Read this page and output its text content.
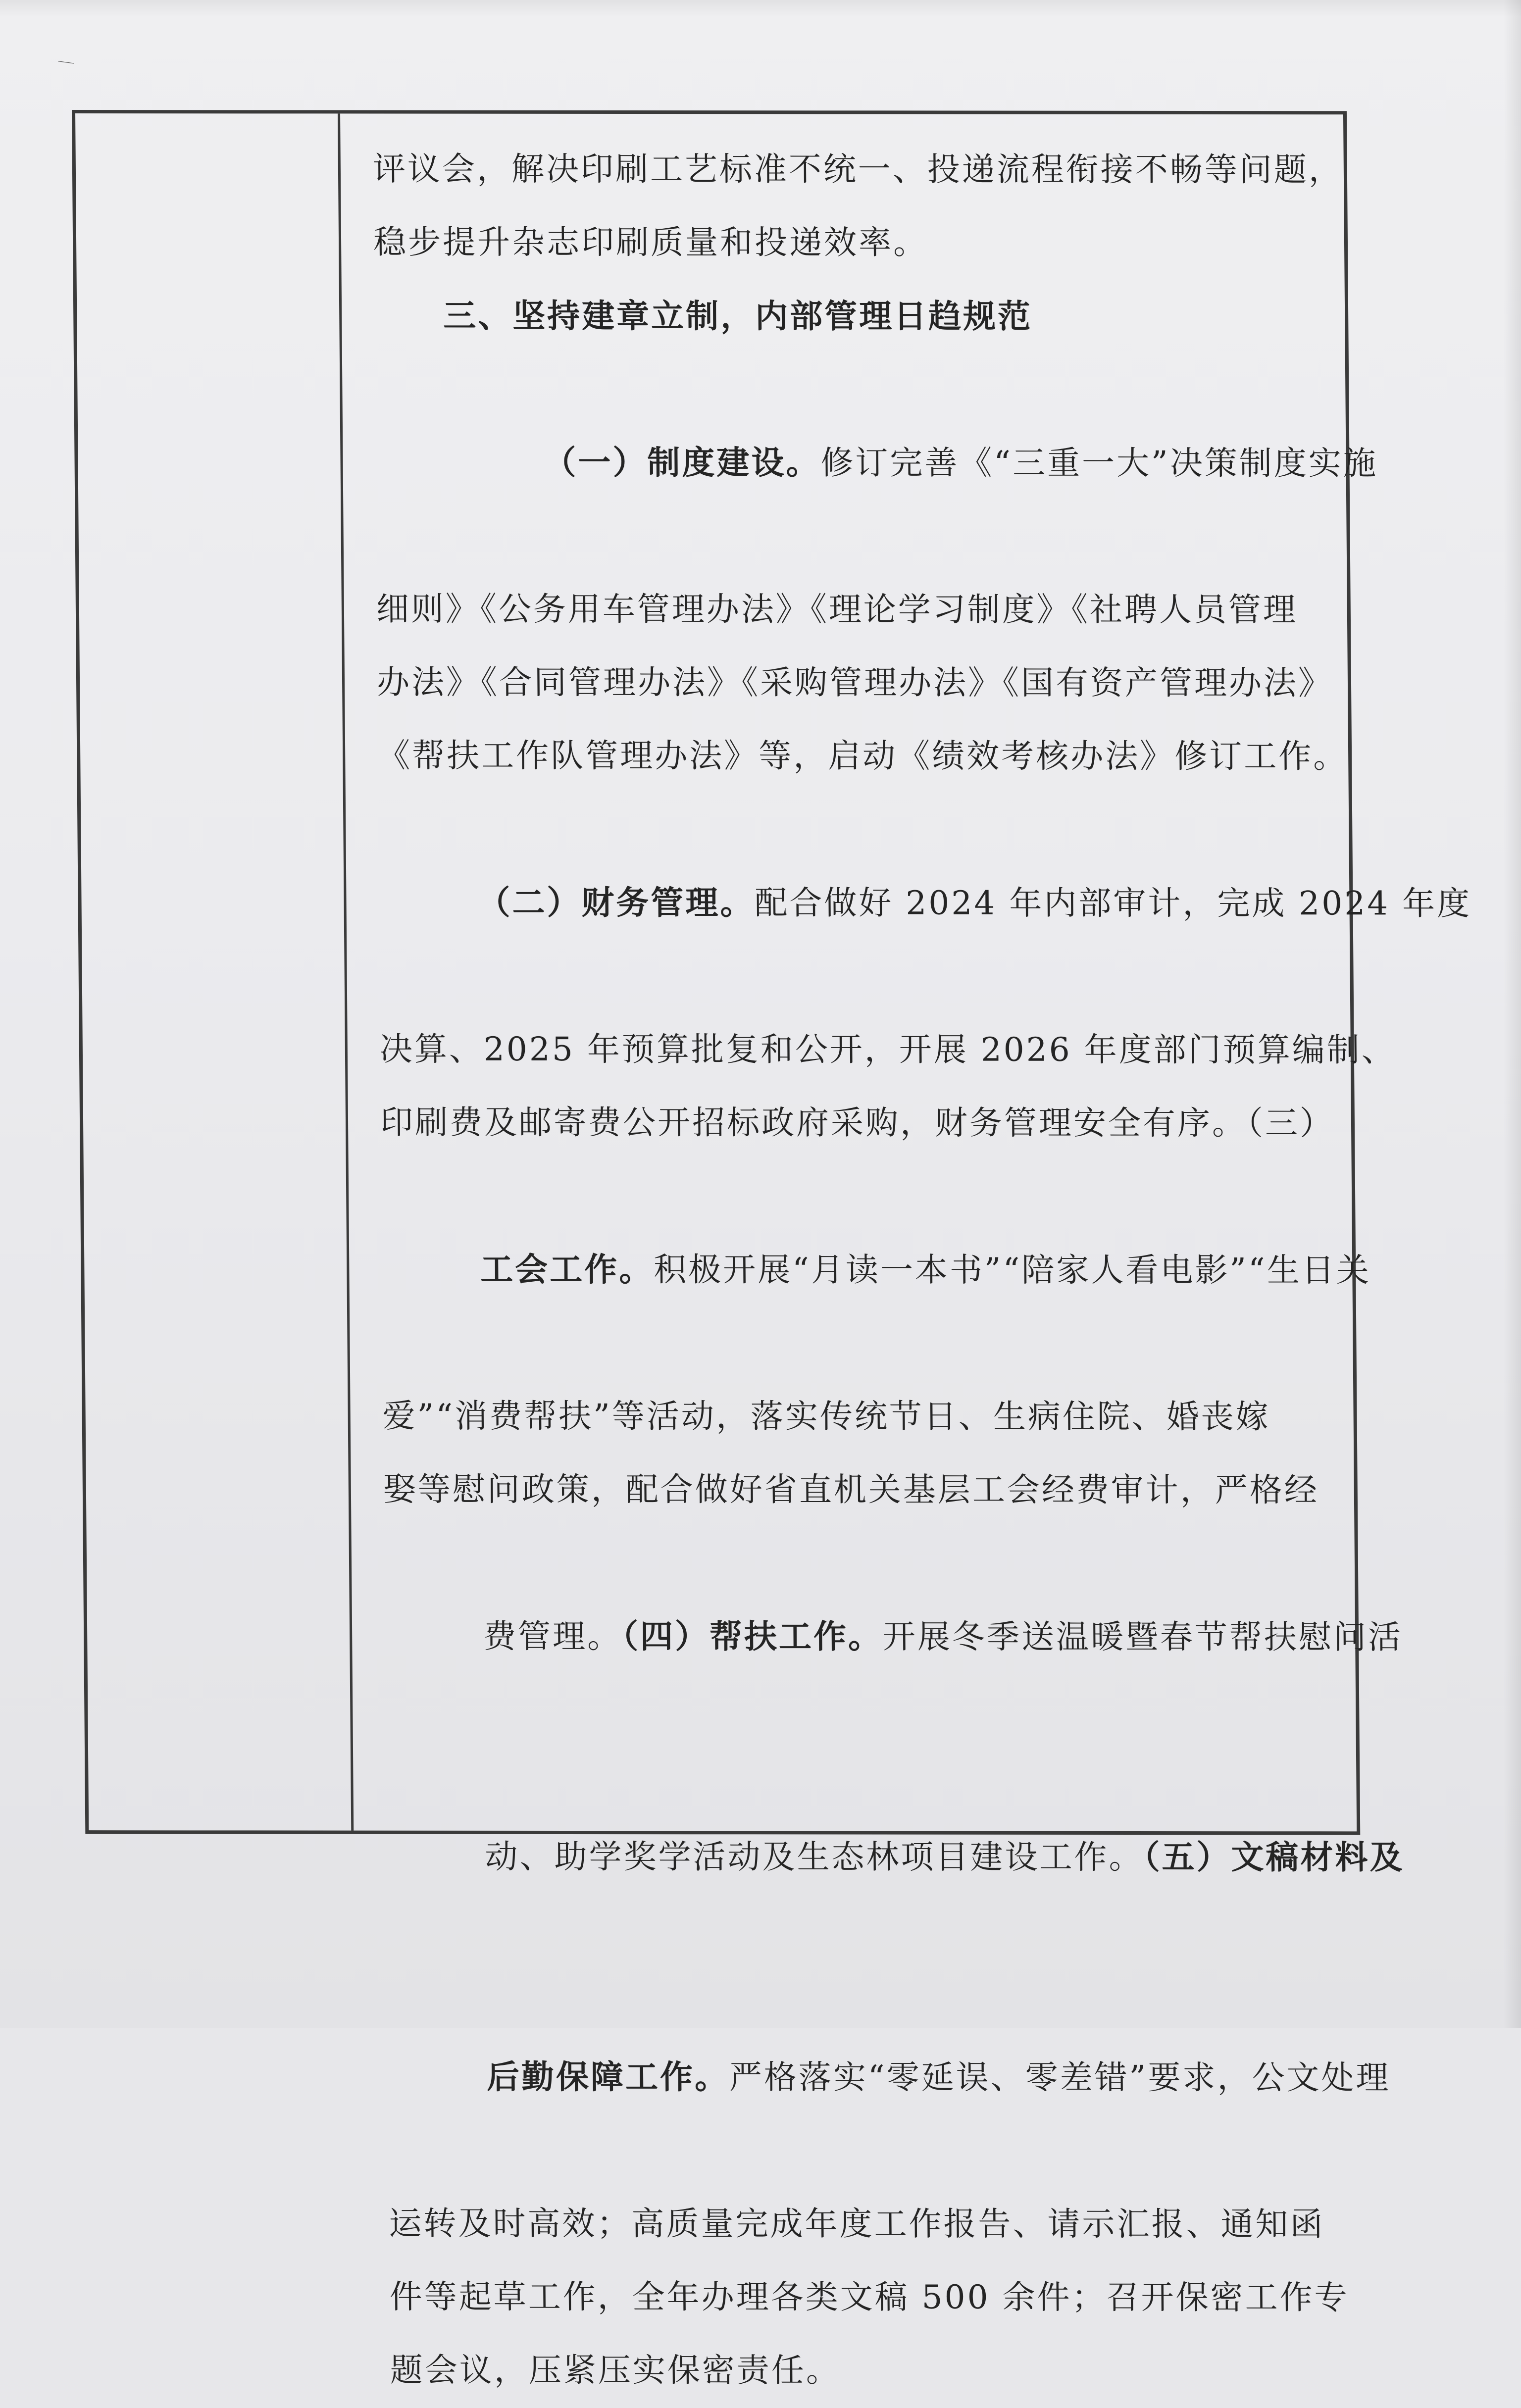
⸺
评议会，解决印刷工艺标准不统一、投递流程衔接不畅等问题，
稳步提升杂志印刷质量和投递效率。
三、坚持建章立制，内部管理日趋规范

（一）制度建设。修订完善《“三重一大”决策制度实施

细则》《公务用车管理办法》《理论学习制度》《社聘人员管理
办法》《合同管理办法》《采购管理办法》《国有资产管理办法》
《帮扶工作队管理办法》等，启动《绩效考核办法》修订工作。

（二）财务管理。配合做好 2024 年内部审计，完成 2024 年度

决算、2025 年预算批复和公开，开展 2026 年度部门预算编制、
印刷费及邮寄费公开招标政府采购，财务管理安全有序。（三）

工会工作。积极开展“月读一本书”“陪家人看电影”“生日关

爱”“消费帮扶”等活动，落实传统节日、生病住院、婚丧嫁
娶等慰问政策，配合做好省直机关基层工会经费审计，严格经

费管理。（四）帮扶工作。开展冬季送温暖暨春节帮扶慰问活

动、助学奖学活动及生态林项目建设工作。（五）文稿材料及

后勤保障工作。严格落实“零延误、零差错”要求，公文处理

运转及时高效；高质量完成年度工作报告、请示汇报、通知函
件等起草工作，全年办理各类文稿 500 余件；召开保密工作专
题会议，压紧压实保密责任。
